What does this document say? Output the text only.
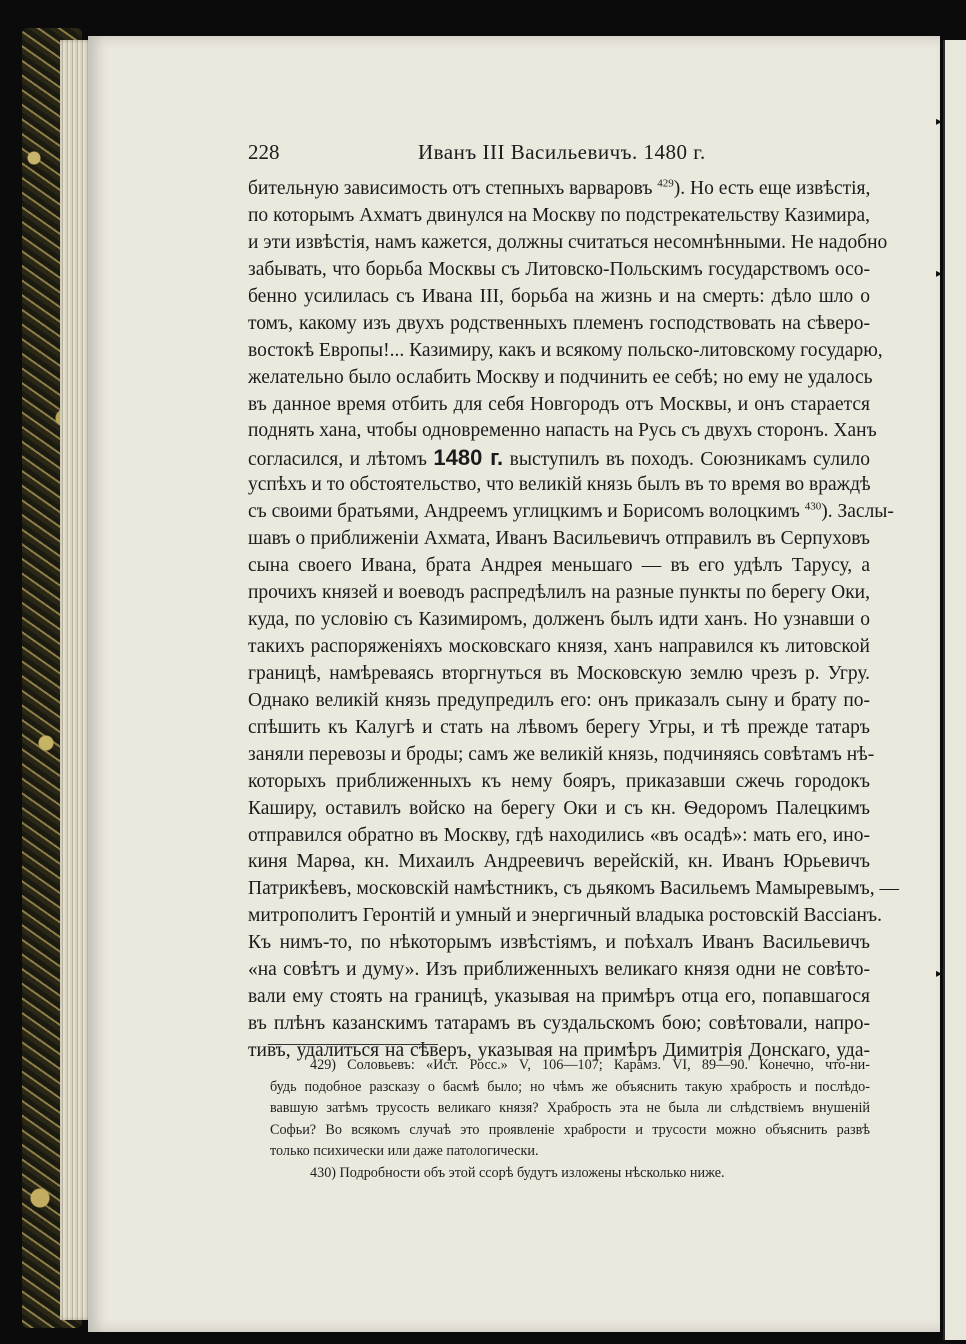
▸
▸
▸
228	Иванъ III Васильевичъ. 1480 г.
бительную зависимость отъ степныхъ варваровъ $^{429}$). Но есть еще извѣстія,
по которымъ Ахматъ двинулся на Москву по подстрекательству Казимира,
и эти извѣстія, намъ кажется, должны считаться несомнѣнными. Не надобно
забывать, что борьба Москвы съ Литовско-Польскимъ государствомъ осо-
бенно усилилась съ Ивана III, борьба на жизнь и на смерть: дѣло шло о
томъ, какому изъ двухъ родственныхъ племенъ господствовать на сѣверо-
востокѣ Европы!... Казимиру, какъ и всякому польско-литовскому государю,
желательно было ослабить Москву и подчинить ее себѣ; но ему не удалось
въ данное время отбить для себя Новгородъ отъ Москвы, и онъ старается
поднять хана, чтобы одновременно напасть на Русь съ двухъ сторонъ. Ханъ
согласился, и лѣтомъ 1480 г. выступилъ въ походъ. Союзникамъ сулило
успѣхъ и то обстоятельство, что великій князь былъ въ то время во враждѣ
съ своими братьями, Андреемъ углицкимъ и Борисомъ волоцкимъ $^{430}$). Заслы-
шавъ о приближеніи Ахмата, Иванъ Васильевичъ отправилъ въ Серпуховъ
сына своего Ивана, брата Андрея меньшаго — въ его удѣлъ Тарусу, а
прочихъ князей и воеводъ распредѣлилъ на разные пункты по берегу Оки,
куда, по условію съ Казимиромъ, долженъ былъ идти ханъ. Но узнавши о
такихъ распоряженіяхъ московскаго князя, ханъ направился къ литовской
границѣ, намѣреваясь вторгнуться въ Московскую землю чрезъ р. Угру.
Однако великій князь предупредилъ его: онъ приказалъ сыну и брату по-
спѣшить къ Калугѣ и стать на лѣвомъ берегу Угры, и тѣ прежде татаръ
заняли перевозы и броды; самъ же великій князь, подчиняясь совѣтамъ нѣ-
которыхъ приближенныхъ къ нему бояръ, приказавши сжечь городокъ
Каширу, оставилъ войско на берегу Оки и съ кн. Ѳедоромъ Палецкимъ
отправился обратно въ Москву, гдѣ находились «въ осадѣ»: мать его, ино-
киня Марѳа, кн. Михаилъ Андреевичъ верейскій, кн. Иванъ Юрьевичъ
Патрикѣевъ, московскій намѣстникъ, съ дьякомъ Васильемъ Мамыревымъ, —
митрополитъ Геронтій и умный и энергичный владыка ростовскій Вассіанъ.
Къ нимъ-то, по нѣкоторымъ извѣстіямъ, и поѣхалъ Иванъ Васильевичъ
«на совѣтъ и думу». Изъ приближенныхъ великаго князя одни не совѣто-
вали ему стоять на границѣ, указывая на примѣръ отца его, попавшагося
въ плѣнъ казанскимъ татарамъ въ суздальскомъ бою; совѣтовали, напро-
тивъ, удалиться на сѣверъ, указывая на примѣръ Димитрія Донскаго, уда-
429) Соловьевъ: «Ист. Росс.» V, 106—107; Карамз. VI, 89—90. Конечно, что-ни-
будь подобное разсказу о басмѣ было; но чѣмъ же объяснить такую храбрость и послѣдо-
вавшую затѣмъ трусость великаго князя? Храбрость эта не была ли слѣдствіемъ внушеній
Софьи? Во всякомъ случаѣ это проявленіе храбрости и трусости можно объяснить развѣ
только психически или даже патологически.
430) Подробности объ этой ссорѣ будутъ изложены нѣсколько ниже.
